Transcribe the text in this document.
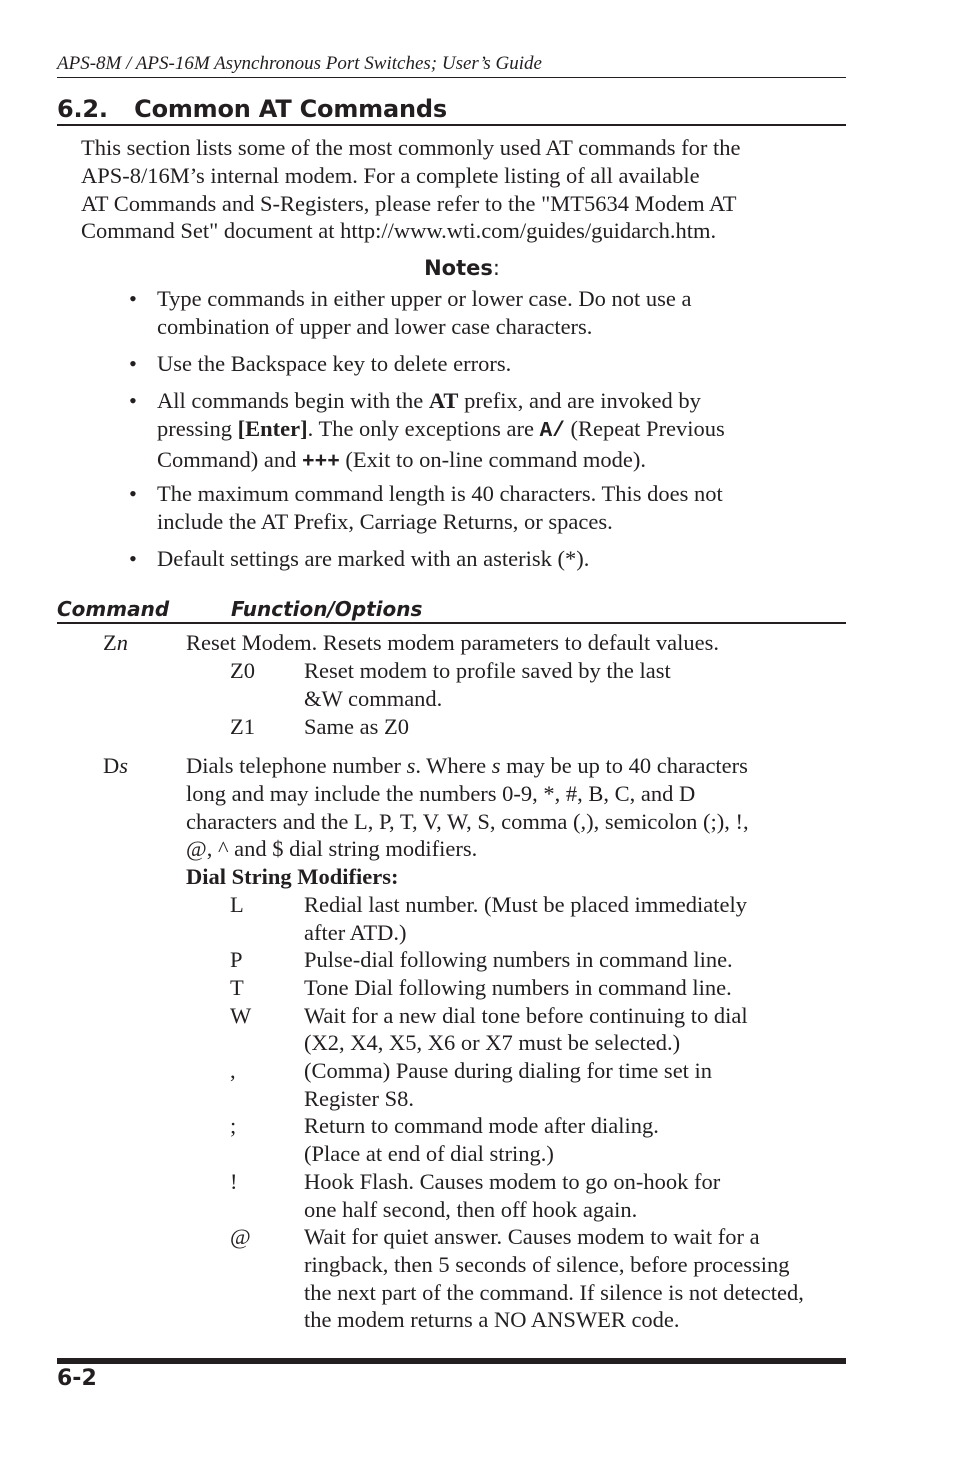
APS-8M / APS-16M Asynchronous Port Switches; User’s Guide
6.2. Common AT Commands
This section lists some of the most commonly used AT commands for the
APS-8/16M’s internal modem. For a complete listing of all available
AT Commands and S-Registers, please refer to the "MT5634 Modem AT
Command Set" document at http://www.wti.com/guides/guidarch.htm.
Notes:
• Type commands in either upper or lower case. Do not use a
combination of upper and lower case characters.
• Use the Backspace key to delete errors.
• All commands begin with the AT prefix, and are invoked by
pressing [Enter]. The only exceptions are A/ (Repeat Previous
Command) and +++ (Exit to on-line command mode).
• The maximum command length is 40 characters. This does not
include the AT Prefix, Carriage Returns, or spaces.
• Default settings are marked with an asterisk (*).
Command	Function/Options
Zn	Reset Modem. Resets modem parameters to default values.
Z0 Reset modem to profile saved by the last
&W command.
Z1 Same as Z0
Ds	Dials telephone number s. Where s may be up to 40 characters
long and may include the numbers 0-9, *, #, B, C, and D
characters and the L, P, T, V, W, S, comma (,), semicolon (;), !,
@, ^ and $ dial string modifiers.
Dial String Modifiers:
L	Redial last number. (Must be placed immediately
after ATD.)
P	Pulse-dial following numbers in command line.
T	Tone Dial following numbers in command line.
W Wait for a new dial tone before continuing to dial
(X2, X4, X5, X6 or X7 must be selected.)
,	(Comma) Pause during dialing for time set in
Register S8.
;	Return to command mode after dialing.
(Place at end of dial string.)
!	Hook Flash. Causes modem to go on-hook for
one half second, then off hook again.
@ Wait for quiet answer. Causes modem to wait for a
ringback, then 5 seconds of silence, before processing
the next part of the command. If silence is not detected,
the modem returns a NO ANSWER code.
6-2
